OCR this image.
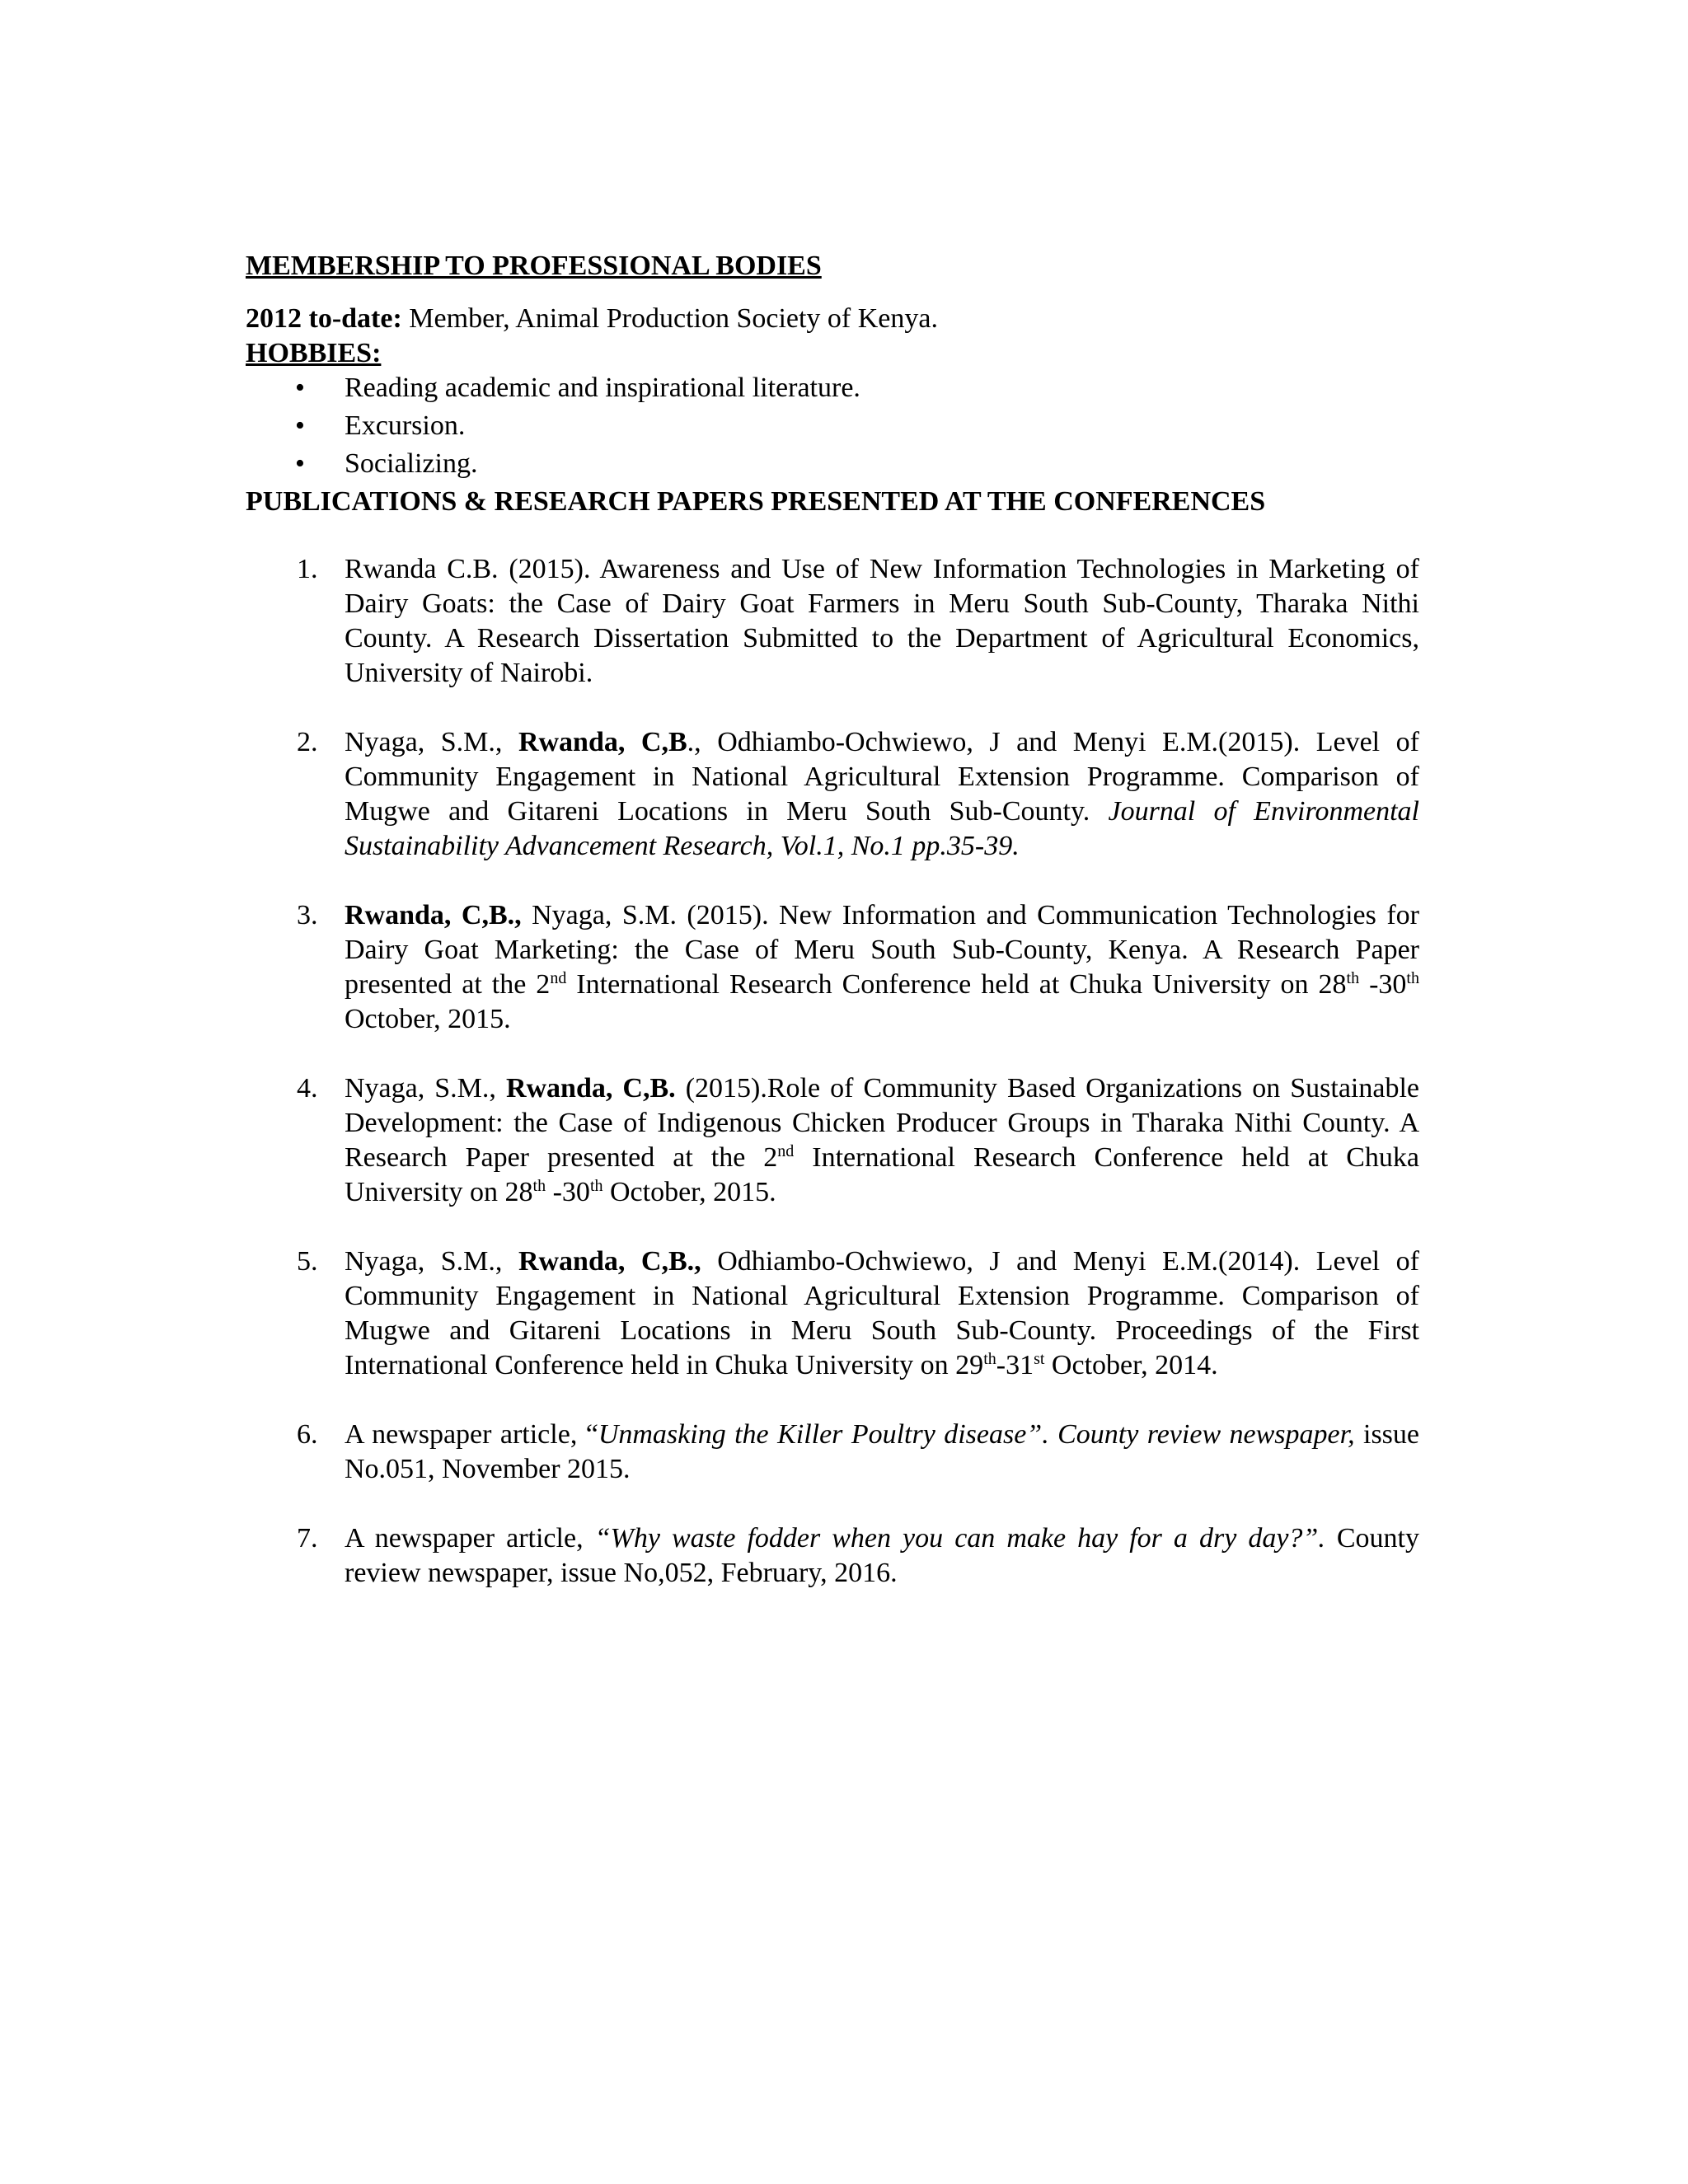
MEMBERSHIP TO PROFESSIONAL BODIES

2012 to-date: Member, Animal Production Society of Kenya.

HOBBIES:

• Reading academic and inspirational literature.
• Excursion.
• Socializing.

PUBLICATIONS & RESEARCH PAPERS PRESENTED AT THE CONFERENCES

1. Rwanda C.B. (2015). Awareness and Use of New Information Technologies in Marketing of Dairy Goats: the Case of Dairy Goat Farmers in Meru South Sub-County, Tharaka Nithi County. A Research Dissertation Submitted to the Department of Agricultural Economics, University of Nairobi.
2. Nyaga, S.M., Rwanda, C,B., Odhiambo-Ochwiewo, J and Menyi E.M.(2015). Level of Community Engagement in National Agricultural Extension Programme. Comparison of Mugwe and Gitareni Locations in Meru South Sub-County. Journal of Environmental Sustainability Advancement Research, Vol.1, No.1 pp.35-39.
3. Rwanda, C,B., Nyaga, S.M. (2015). New Information and Communication Technologies for Dairy Goat Marketing: the Case of Meru South Sub-County, Kenya. A Research Paper presented at the 2nd International Research Conference held at Chuka University on 28th -30th October, 2015.
4. Nyaga, S.M., Rwanda, C,B. (2015).Role of Community Based Organizations on Sustainable Development: the Case of Indigenous Chicken Producer Groups in Tharaka Nithi County. A Research Paper presented at the 2nd International Research Conference held at Chuka University on 28th -30th October, 2015.
5. Nyaga, S.M., Rwanda, C,B., Odhiambo-Ochwiewo, J and Menyi E.M.(2014). Level of Community Engagement in National Agricultural Extension Programme. Comparison of Mugwe and Gitareni Locations in Meru South Sub-County. Proceedings of the First International Conference held in Chuka University on 29th-31st October, 2014.
6. A newspaper article, “Unmasking the Killer Poultry disease”. County review newspaper, issue No.051, November 2015.
7. A newspaper article, “Why waste fodder when you can make hay for a dry day?”. County review newspaper, issue No,052, February, 2016.
